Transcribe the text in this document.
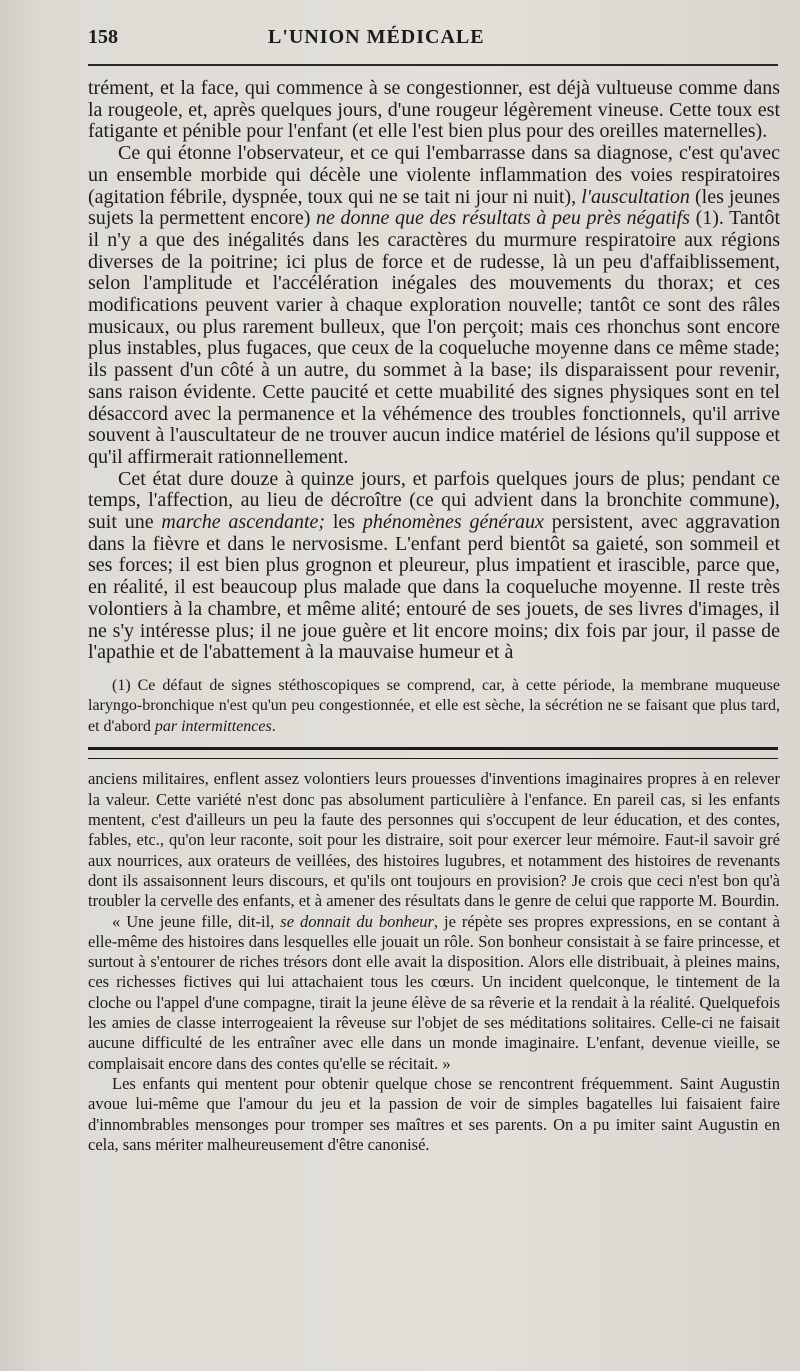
158	L'UNION MÉDICALE

trément, et la face, qui commence à se congestionner, est déjà vultueuse comme dans la rougeole, et, après quelques jours, d'une rougeur légèrement vineuse. Cette toux est fatigante et pénible pour l'enfant (et elle l'est bien plus pour des oreilles maternelles).

Ce qui étonne l'observateur, et ce qui l'embarrasse dans sa diagnose, c'est qu'avec un ensemble morbide qui décèle une violente inflammation des voies respiratoires (agitation fébrile, dyspnée, toux qui ne se tait ni jour ni nuit), l'auscultation (les jeunes sujets la permettent encore) ne donne que des résultats à peu près négatifs (1). Tantôt il n'y a que des inégalités dans les caractères du murmure respiratoire aux régions diverses de la poitrine; ici plus de force et de rudesse, là un peu d'affaiblissement, selon l'amplitude et l'accélération inégales des mouvements du thorax; et ces modifications peuvent varier à chaque exploration nouvelle; tantôt ce sont des râles musicaux, ou plus rarement bulleux, que l'on perçoit; mais ces rhonchus sont encore plus instables, plus fugaces, que ceux de la coqueluche moyenne dans ce même stade; ils passent d'un côté à un autre, du sommet à la base; ils disparaissent pour revenir, sans raison évidente. Cette paucité et cette muabilité des signes physiques sont en tel désaccord avec la permanence et la véhémence des troubles fonctionnels, qu'il arrive souvent à l'auscultateur de ne trouver aucun indice matériel de lésions qu'il suppose et qu'il affirmerait rationnellement.

Cet état dure douze à quinze jours, et parfois quelques jours de plus; pendant ce temps, l'affection, au lieu de décroître (ce qui advient dans la bronchite commune), suit une marche ascendante; les phénomènes généraux persistent, avec aggravation dans la fièvre et dans le nervosisme. L'enfant perd bientôt sa gaieté, son sommeil et ses forces; il est bien plus grognon et pleureur, plus impatient et irascible, parce que, en réalité, il est beaucoup plus malade que dans la coqueluche moyenne. Il reste très volontiers à la chambre, et même alité; entouré de ses jouets, de ses livres d'images, il ne s'y intéresse plus; il ne joue guère et lit encore moins; dix fois par jour, il passe de l'apathie et de l'abattement à la mauvaise humeur et à

(1) Ce défaut de signes stéthoscopiques se comprend, car, à cette période, la membrane muqueuse laryngo-bronchique n'est qu'un peu congestionnée, et elle est sèche, la sécrétion ne se faisant que plus tard, et d'abord par intermittences.

anciens militaires, enflent assez volontiers leurs prouesses d'inventions imaginaires propres à en relever la valeur. Cette variété n'est donc pas absolument particulière à l'enfance. En pareil cas, si les enfants mentent, c'est d'ailleurs un peu la faute des personnes qui s'occupent de leur éducation, et des contes, fables, etc., qu'on leur raconte, soit pour les distraire, soit pour exercer leur mémoire. Faut-il savoir gré aux nourrices, aux orateurs de veillées, des histoires lugubres, et notamment des histoires de revenants dont ils assaisonnent leurs discours, et qu'ils ont toujours en provision? Je crois que ceci n'est bon qu'à troubler la cervelle des enfants, et à amener des résultats dans le genre de celui que rapporte M. Bourdin.

« Une jeune fille, dit-il, se donnait du bonheur, je répète ses propres expressions, en se contant à elle-même des histoires dans lesquelles elle jouait un rôle. Son bonheur consistait à se faire princesse, et surtout à s'entourer de riches trésors dont elle avait la disposition. Alors elle distribuait, à pleines mains, ces richesses fictives qui lui attachaient tous les cœurs. Un incident quelconque, le tintement de la cloche ou l'appel d'une compagne, tirait la jeune élève de sa rêverie et la rendait à la réalité. Quelquefois les amies de classe interrogeaient la rêveuse sur l'objet de ses méditations solitaires. Celle-ci ne faisait aucune difficulté de les entraîner avec elle dans un monde imaginaire. L'enfant, devenue vieille, se complaisait encore dans des contes qu'elle se récitait. »

Les enfants qui mentent pour obtenir quelque chose se rencontrent fréquemment. Saint Augustin avoue lui-même que l'amour du jeu et la passion de voir de simples bagatelles lui faisaient faire d'innombrables mensonges pour tromper ses maîtres et ses parents. On a pu imiter saint Augustin en cela, sans mériter malheureusement d'être canonisé.
